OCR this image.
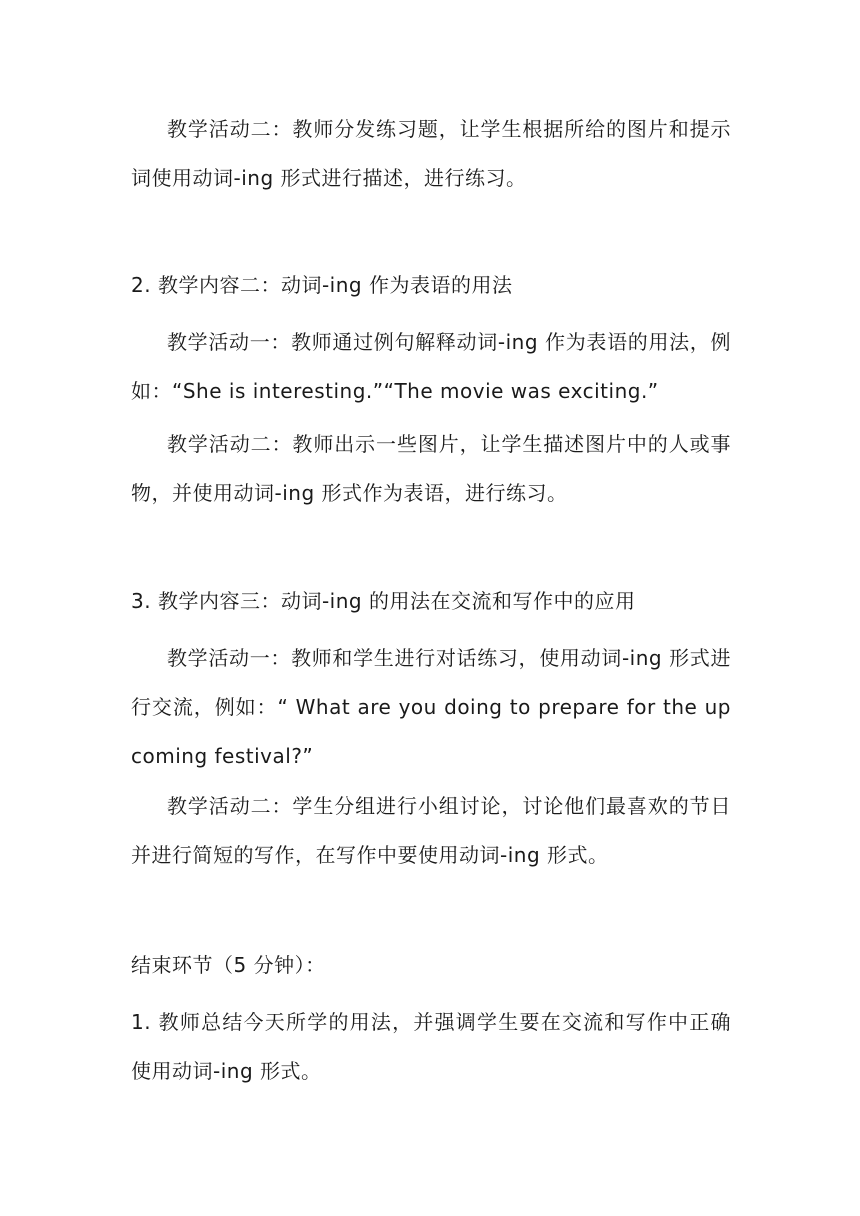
教学活动二：教师分发练习题，让学生根据所给的图片和提示词使用动词-ing 形式进行描述，进行练习。

2. 教学内容二：动词-ing 作为表语的用法

教学活动一：教师通过例句解释动词-ing 作为表语的用法，例如：“She is interesting.”“The movie was exciting.”

教学活动二：教师出示一些图片，让学生描述图片中的人或事物，并使用动词-ing 形式作为表语，进行练习。

3. 教学内容三：动词-ing 的用法在交流和写作中的应用

教学活动一：教师和学生进行对话练习，使用动词-ing 形式进行交流，例如：“ What are you doing to prepare for the upcoming festival?”

教学活动二：学生分组进行小组讨论，讨论他们最喜欢的节日并进行简短的写作，在写作中要使用动词-ing 形式。

结束环节（5 分钟）：

1. 教师总结今天所学的用法，并强调学生要在交流和写作中正确使用动词-ing 形式。
